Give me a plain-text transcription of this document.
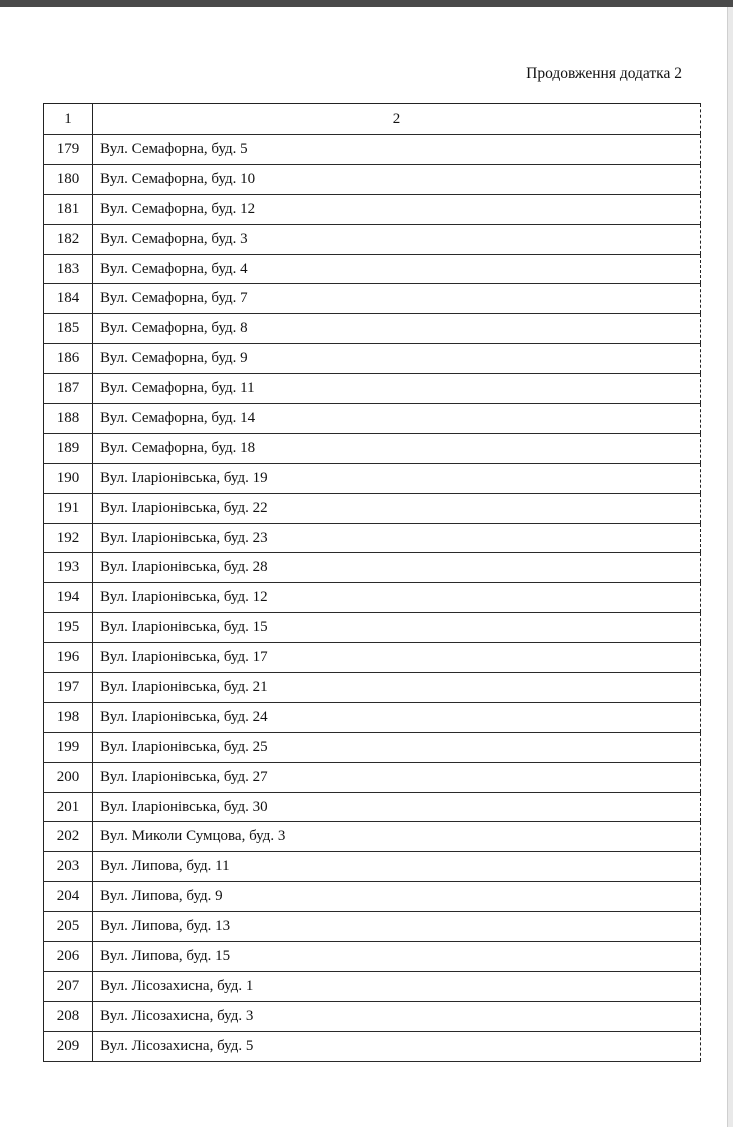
Продовження додатка 2
1	2
179	Вул. Семафорна, буд. 5
180	Вул. Семафорна, буд. 10
181	Вул. Семафорна, буд. 12
182	Вул. Семафорна, буд. 3
183	Вул. Семафорна, буд. 4
184	Вул. Семафорна, буд. 7
185	Вул. Семафорна, буд. 8
186	Вул. Семафорна, буд. 9
187	Вул. Семафорна, буд. 11
188	Вул. Семафорна, буд. 14
189	Вул. Семафорна, буд. 18
190	Вул. Іларіонівська, буд. 19
191	Вул. Іларіонівська, буд. 22
192	Вул. Іларіонівська, буд. 23
193	Вул. Іларіонівська, буд. 28
194	Вул. Іларіонівська, буд. 12
195	Вул. Іларіонівська, буд. 15
196	Вул. Іларіонівська, буд. 17
197	Вул. Іларіонівська, буд. 21
198	Вул. Іларіонівська, буд. 24
199	Вул. Іларіонівська, буд. 25
200	Вул. Іларіонівська, буд. 27
201	Вул. Іларіонівська, буд. 30
202	Вул. Миколи Сумцова, буд. 3
203	Вул. Липова, буд. 11
204	Вул. Липова, буд. 9
205	Вул. Липова, буд. 13
206	Вул. Липова, буд. 15
207	Вул. Лісозахисна, буд. 1
208	Вул. Лісозахисна, буд. 3
209	Вул. Лісозахисна, буд. 5
